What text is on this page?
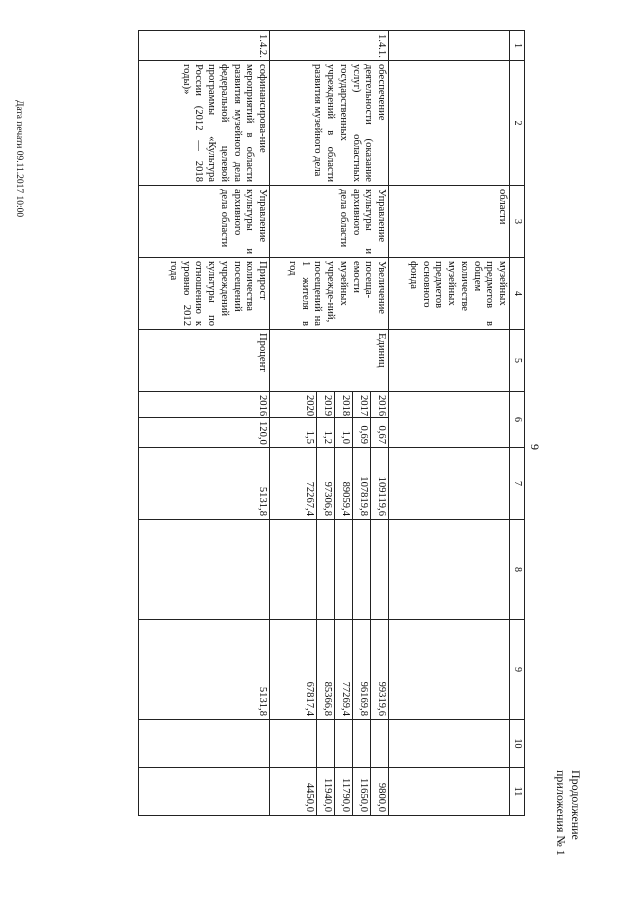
9
Продолжение приложения № 1
1	2	3	4	5	6		7	8	9	10	11
		области	музейных предметов в общем количестве музейных предметов основного фонда								
1.4.1.	обеспечение деятельности (оказание услуг) областных государственных учреждений в области развития музейного дела	Управление культуры и архивного дела области	Увеличение посеща-емости музейных учрежде-ний, посещений на 1 жителя в год	Единиц	2016	0,67	109119,6		99319,6		9800,0
					2017	0,69	107819,8		96169,8		11650,0
					2018	1,0	89059,4		77269,4		11790,0
					2019	1,2	97306,8		85366,8		11940,0
					2020	1,5	72267,4		67817,4		4450,0
1.4.2.	софинансирова-ние мероприятий в области развития музейного дела федеральной целевой программы «Культура России (2012 — 2018 годы)»	Управление культуры и архивного дела области	Прирост количества посещений учреждений культуры по отношению к уровню 2012 года	Процент	2016	120,0	5131,8		5131,8		
Дата печати 09.11.2017 10:00
